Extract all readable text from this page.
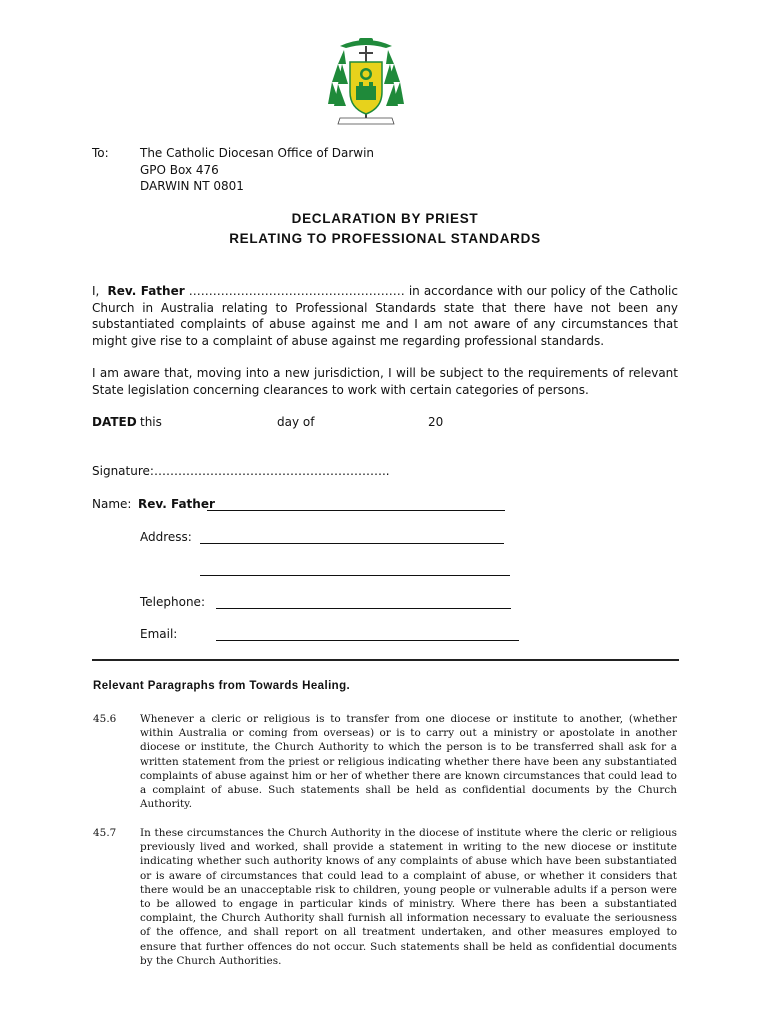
To:	The Catholic Diocesan Office of Darwin
GPO Box 476
DARWIN NT 0801
DECLARATION BY PRIEST
RELATING TO PROFESSIONAL STANDARDS
I, Rev. Father ……………………………………………… in accordance with our policy of the Catholic Church in Australia relating to Professional Standards state that there have not been any substantiated complaints of abuse against me and I am not aware of any circumstances that might give rise to a complaint of abuse against me regarding professional standards.
I am aware that, moving into a new jurisdiction, I will be subject to the requirements of relevant State legislation concerning clearances to work with certain categories of persons.
DATED this	day of	20
Signature:…………………………………………………..
Name: Rev. Father
Address:
Telephone:
Email:
Relevant Paragraphs from Towards Healing.
45.6 Whenever a cleric or religious is to transfer from one diocese or institute to another, (whether within Australia or coming from overseas) or is to carry out a ministry or apostolate in another diocese or institute, the Church Authority to which the person is to be transferred shall ask for a written statement from the priest or religious indicating whether there have been any substantiated complaints of abuse against him or her of whether there are known circumstances that could lead to a complaint of abuse. Such statements shall be held as confidential documents by the Church Authority.
45.7 In these circumstances the Church Authority in the diocese of institute where the cleric or religious previously lived and worked, shall provide a statement in writing to the new diocese or institute indicating whether such authority knows of any complaints of abuse which have been substantiated or is aware of circumstances that could lead to a complaint of abuse, or whether it considers that there would be an unacceptable risk to children, young people or vulnerable adults if a person were to be allowed to engage in particular kinds of ministry. Where there has been a substantiated complaint, the Church Authority shall furnish all information necessary to evaluate the seriousness of the offence, and shall report on all treatment undertaken, and other measures employed to ensure that further offences do not occur. Such statements shall be held as confidential documents by the Church Authorities.
